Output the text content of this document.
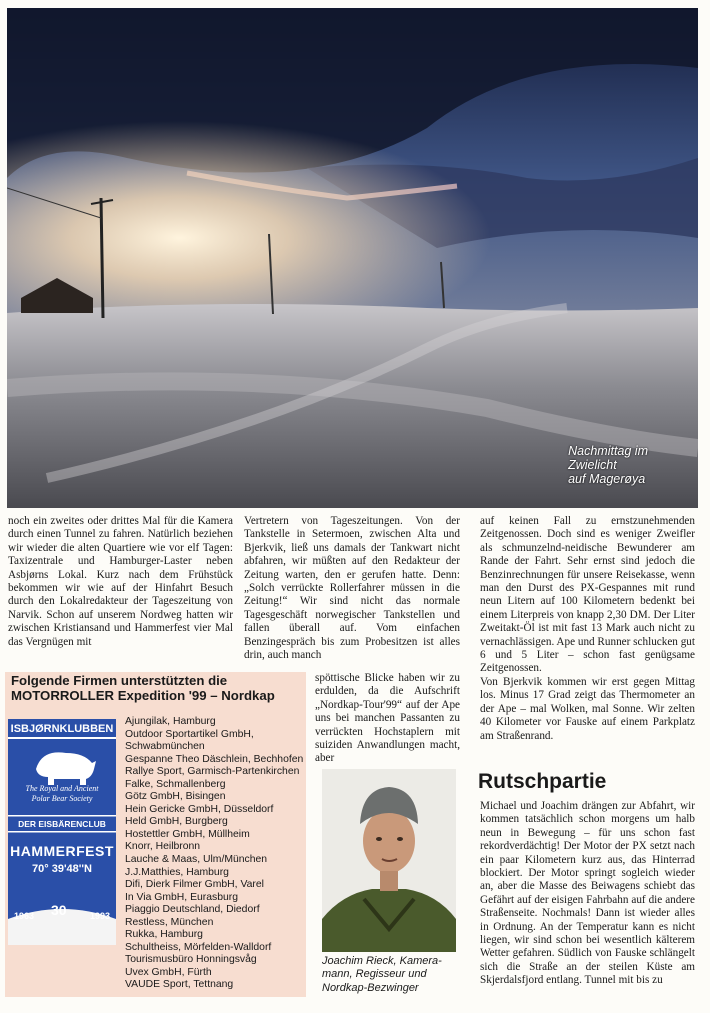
Nachmittag im
Zwielicht
auf Magerøya

noch ein zweites oder drittes Mal für die Kamera durch einen Tunnel zu fahren. Natürlich beziehen wir wieder die alten Quartiere wie vor elf Tagen: Taxizentrale und Hamburger-Laster neben Asbjørns Lokal. Kurz nach dem Frühstück bekommen wir wie auf der Hinfahrt Besuch durch den Lokalredakteur der Tageszeitung von Narvik. Schon auf unserem Nordweg hatten wir zwischen Kristiansand und Hammerfest vier Mal das Vergnügen mit

Vertretern von Tageszeitungen. Von der Tankstelle in Setermoen, zwischen Alta und Bjerkvik, ließ uns damals der Tankwart nicht abfahren, wir müßten auf den Redakteur der Zeitung warten, den er gerufen hatte. Denn: „Solch verrückte Rollerfahrer müssen in die Zeitung!“ Wir sind nicht das normale Tagesgeschäft norwegischer Tankstellen und fallen überall auf. Vom einfachen Benzingespräch bis zum Probesitzen ist alles drin, auch manch

spöttische Blicke haben wir zu erdulden, da die Aufschrift „Nordkap-Tour'99“ auf der Ape uns bei manchen Passanten zu verrückten Hochstaplern mit suiziden Anwandlungen macht, aber

auf keinen Fall zu ernstzunehmenden Zeitgenossen. Doch sind es weniger Zweifler als schmunzelnd-neidische Bewunderer am Rande der Fahrt. Sehr ernst sind jedoch die Benzinrechnungen für unsere Reisekasse, wenn man den Durst des PX-Gespannes mit rund neun Litern auf 100 Kilometern bedenkt bei einem Literpreis von knapp 2,30 DM. Der Liter Zweitakt-Öl ist mit fast 13 Mark auch nicht zu vernachlässigen. Ape und Runner schlucken gut 6 und 5 Liter – schon fast genügsame Zeitgenossen.

Von Bjerkvik kommen wir erst gegen Mittag los. Minus 17 Grad zeigt das Thermometer an der Ape – mal Wolken, mal Sonne. Wir zelten 40 Kilometer vor Fauske auf einem Parkplatz am Straßenrand.

Folgende Firmen unterstützten die MOTORROLLER Expedition '99 – Nordkap
ISBJØRNKLUBBEN
The Royal and Ancient
Polar Bear Society
DER EISBÄRENCLUB
HAMMERFEST
70° 39'48''N
1963 30	1993
Ajungilak, Hamburg
Outdoor Sportartikel GmbH,
Schwabmünchen
Gespanne Theo Däschlein, Bechhofen
Rallye Sport, Garmisch-Partenkirchen
Falke, Schmallenberg
Götz GmbH, Bisingen
Hein Gericke GmbH, Düsseldorf
Held GmbH, Burgberg
Hostettler GmbH, Müllheim
Knorr, Heilbronn
Lauche & Maas, Ulm/München
J.J.Matthies, Hamburg
Difi, Dierk Filmer GmbH, Varel
In Via GmbH, Eurasburg
Piaggio Deutschland, Diedorf
Restless, München
Rukka, Hamburg
Schultheiss, Mörfelden-Walldorf
Tourismusbüro Honningsvåg
Uvex GmbH, Fürth
VAUDE Sport, Tettnang
Joachim Rieck, Kamera-
mann, Regisseur und
Nordkap-Bezwinger
Rutschpartie

Michael und Joachim drängen zur Abfahrt, wir kommen tatsächlich schon morgens um halb neun in Bewegung – für uns schon fast rekordverdächtig! Der Motor der PX setzt nach ein paar Kilometern kurz aus, das Hinterrad blockiert. Der Motor springt sogleich wieder an, aber die Masse des Beiwagens schiebt das Gefährt auf der eisigen Fahrbahn auf die andere Straßenseite. Nochmals! Dann ist wieder alles in Ordnung. An der Temperatur kann es nicht liegen, wir sind schon bei wesentlich kälterem Wetter gefahren. Südlich von Fauske schlängelt sich die Straße an der steilen Küste am Skjerdalsfjord entlang. Tunnel mit bis zu
